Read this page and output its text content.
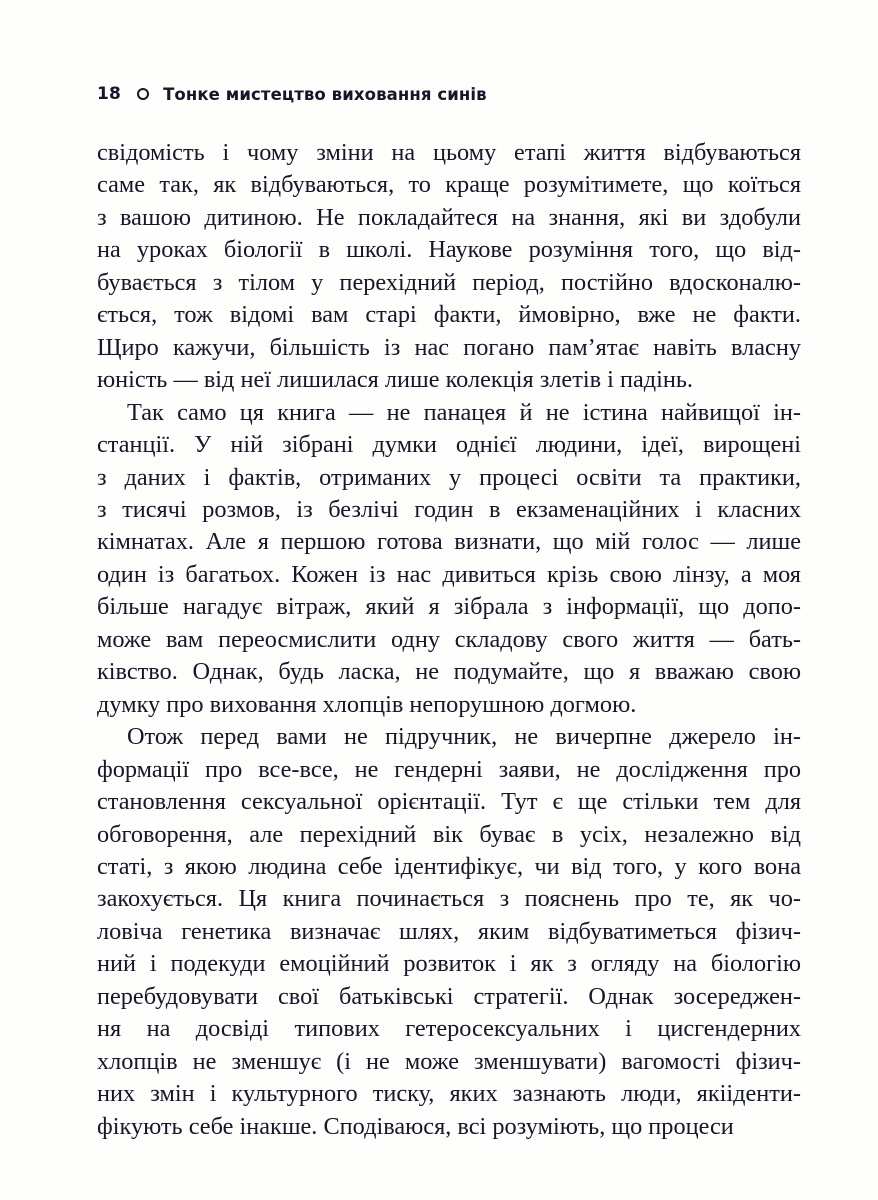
18	Тонке мистецтво виховання синів

свідомість і чому зміни на цьому етапі життя відбуваються
саме так, як відбуваються, то краще розумітимете, що коїться
з вашою дитиною. Не покладайтеся на знання, які ви здобули
на уроках біології в школі. Наукове розуміння того, що від-
бувається з тілом у перехідний період, постійно вдосконалю-
ється, тож відомі вам старі факти, ймовірно, вже не факти.
Щиро кажучи, більшість із нас погано пам’ятає навіть власну
юність — від неї лишилася лише колекція злетів і падінь.

Так само ця книга — не панацея й не істина найвищої ін-
станції. У ній зібрані думки однієї людини, ідеї, вирощені
з даних і фактів, отриманих у процесі освіти та практики,
з тисячі розмов, із безлічі годин в екзаменаційних і класних
кімнатах. Але я першою готова визнати, що мій голос — лише
один із багатьох. Кожен із нас дивиться крізь свою лінзу, а моя
більше нагадує вітраж, який я зібрала з інформації, що допо-
може вам переосмислити одну складову свого життя — бать-
ківство. Однак, будь ласка, не подумайте, що я вважаю свою
думку про виховання хлопців непорушною догмою.

Отож перед вами не підручник, не вичерпне джерело ін-
формації про все-все, не гендерні заяви, не дослідження про
становлення сексуальної орієнтації. Тут є ще стільки тем для
обговорення, але перехідний вік буває в усіх, незалежно від
статі, з якою людина себе ідентифікує, чи від того, у кого вона
закохується. Ця книга починається з пояснень про те, як чо-
ловіча генетика визначає шлях, яким відбуватиметься фізич-
ний і подекуди емоційний розвиток і як з огляду на біологію
перебудовувати свої батьківські стратегії. Однак зосереджен-
ня на досвіді типових гетеросексуальних і цисгендерних
хлопців не зменшує (і не може зменшувати) вагомості фізич-
них змін і культурного тиску, яких зазнають люди, якііденти-
фікують себе інакше. Сподіваюся, всі розуміють, що процеси
